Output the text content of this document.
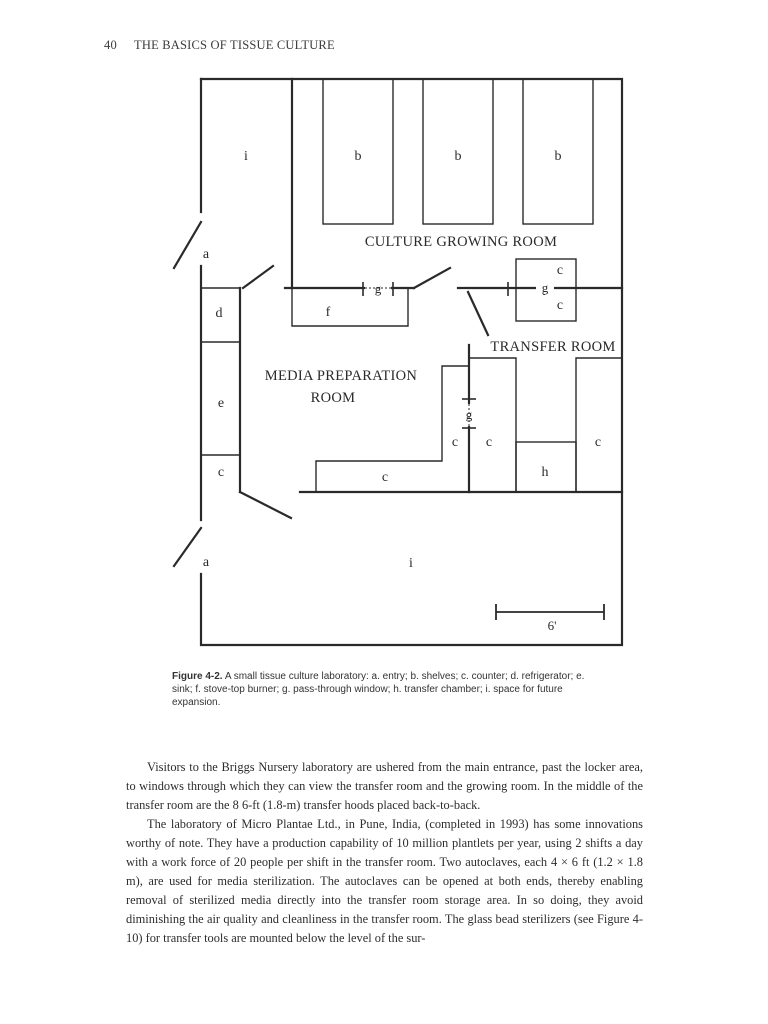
40 THE BASICS OF TISSUE CULTURE
i	b	b	b
a
d	f
e
c	c
c
c
c c	c
h
a	i
g	g
g
6'
CULTURE GROWING ROOM
TRANSFER ROOM
MEDIA PREPARATION
ROOM
Figure 4-2. A small tissue culture laboratory: a. entry; b. shelves; c. counter; d. refrigerator; e. sink; f. stove-top burner; g. pass-through window; h. transfer chamber; i. space for future expansion.

Visitors to the Briggs Nursery laboratory are ushered from the main entrance, past the locker area, to windows through which they can view the transfer room and the growing room. In the middle of the transfer room are the 8 6-ft (1.8-m) transfer hoods placed back-to-back.

The laboratory of Micro Plantae Ltd., in Pune, India, (completed in 1993) has some innovations worthy of note. They have a production capability of 10 million plantlets per year, using 2 shifts a day with a work force of 20 people per shift in the transfer room. Two autoclaves, each 4 × 6 ft (1.2 × 1.8 m), are used for media sterilization. The autoclaves can be opened at both ends, thereby enabling removal of sterilized media directly into the transfer room storage area. In so doing, they avoid diminishing the air quality and cleanliness in the transfer room. The glass bead sterilizers (see Figure 4-10) for transfer tools are mounted below the level of the sur-
